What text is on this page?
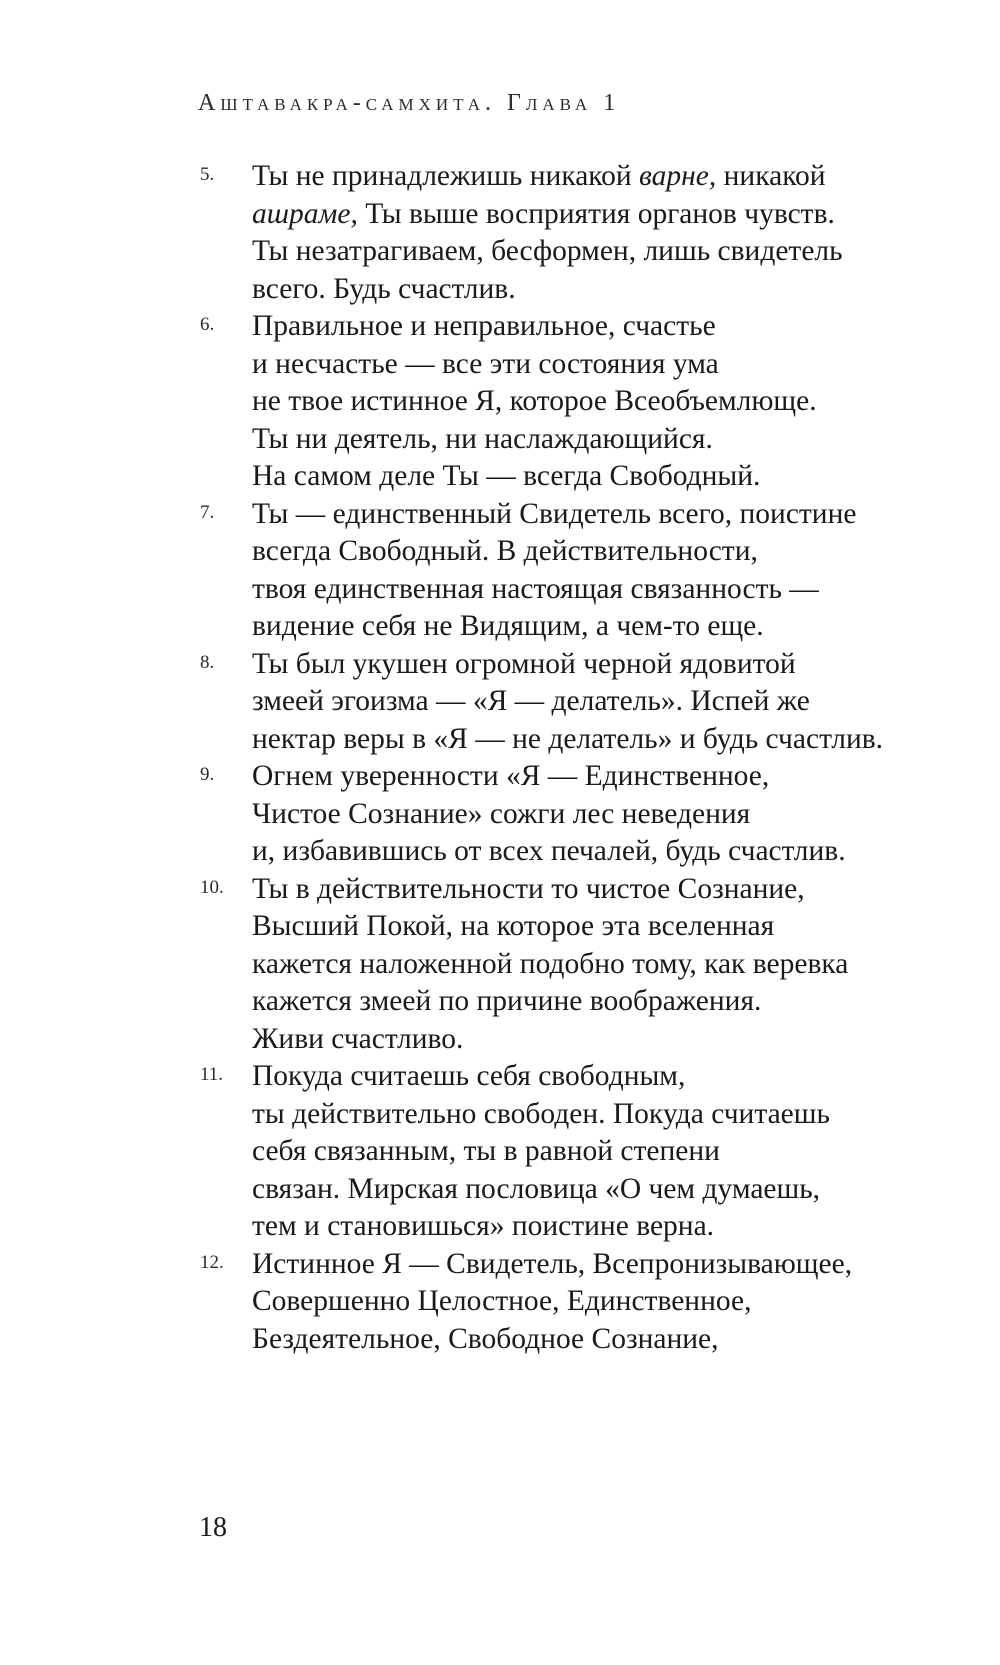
Аштавакра-самхита. Глава 1
5. Ты не принадлежишь никакой варне, никакой
ашраме, Ты выше восприятия органов чувств.
Ты незатрагиваем, бесформен, лишь свидетель
всего. Будь счастлив.
6. Правильное и неправильное, счастье
и несчастье — все эти состояния ума
не твое истинное Я, которое Всеобъемлюще.
Ты ни деятель, ни наслаждающийся.
На самом деле Ты — всегда Свободный.
7. Ты — единственный Свидетель всего, поистине
всегда Свободный. В действительности,
твоя единственная настоящая связанность —
видение себя не Видящим, а чем-то еще.
8. Ты был укушен огромной черной ядовитой
змеей эгоизма — «Я — делатель». Испей же
нектар веры в «Я — не делатель» и будь счастлив.
9. Огнем уверенности «Я — Единственное,
Чистое Сознание» сожги лес неведения
и, избавившись от всех печалей, будь счастлив.
10. Ты в действительности то чистое Сознание,
Высший Покой, на которое эта вселенная
кажется наложенной подобно тому, как веревка
кажется змеей по причине воображения.
Живи счастливо.
11. Покуда считаешь себя свободным,
ты действительно свободен. Покуда считаешь
себя связанным, ты в равной степени
связан. Мирская пословица «О чем думаешь,
тем и становишься» поистине верна.
12. Истинное Я — Свидетель, Всепронизывающее,
Совершенно Целостное, Единственное,
Бездеятельное, Свободное Сознание,
18
